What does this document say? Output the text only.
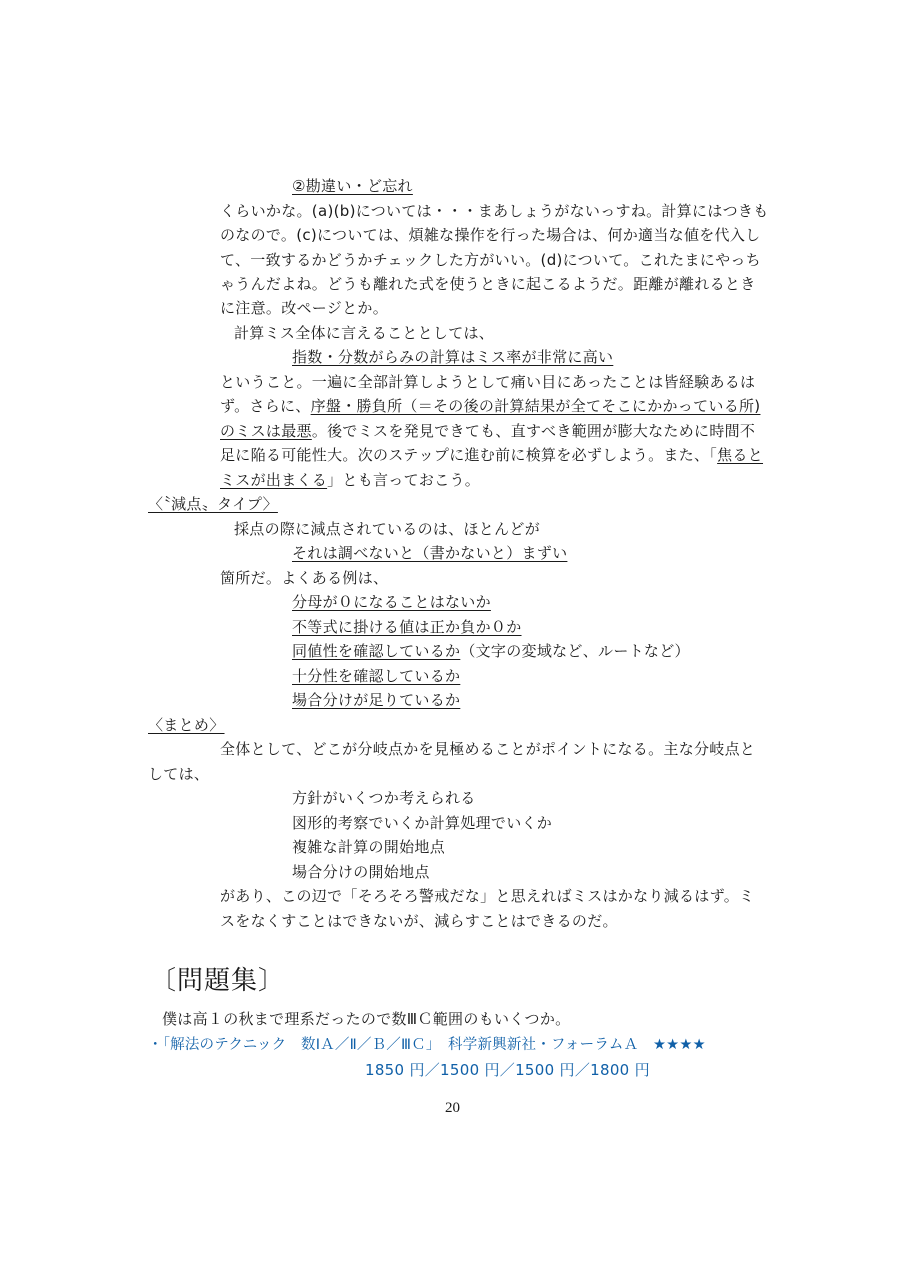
②勘違い・ど忘れ
くらいかな。(a)(b)については・・・まあしょうがないっすね。計算にはつきも
のなので。(c)については、煩雑な操作を行った場合は、何か適当な値を代入し
て、一致するかどうかチェックした方がいい。(d)について。これたまにやっち
ゃうんだよね。どうも離れた式を使うときに起こるようだ。距離が離れるとき
に注意。改ページとか。
計算ミス全体に言えることとしては、
指数・分数がらみの計算はミス率が非常に高い
ということ。一遍に全部計算しようとして痛い目にあったことは皆経験あるは
ず。さらに、序盤・勝負所（＝その後の計算結果が全てそこにかかっている所)
のミスは最悪。後でミスを発見できても、直すべき範囲が膨大なために時間不
足に陥る可能性大。次のステップに進む前に検算を必ずしよう。また、「焦ると
ミスが出まくる」とも言っておこう。
〈〝減点〟タイプ〉
採点の際に減点されているのは、ほとんどが
それは調べないと（書かないと）まずい
箇所だ。よくある例は、
分母が０になることはないか
不等式に掛ける値は正か負か０か
同値性を確認しているか（文字の変域など、ルートなど）
十分性を確認しているか
場合分けが足りているか
〈まとめ〉
全体として、どこが分岐点かを見極めることがポイントになる。主な分岐点と
しては、
方針がいくつか考えられる
図形的考察でいくか計算処理でいくか
複雑な計算の開始地点
場合分けの開始地点
があり、この辺で「そろそろ警戒だな」と思えればミスはかなり減るはず。ミ
スをなくすことはできないが、減らすことはできるのだ。
〔問題集〕
僕は高１の秋まで理系だったので数ⅢＣ範囲のもいくつか。
・「解法のテクニック　数ⅠＡ／Ⅱ／Ｂ／ⅢＣ」　科学新興新社・フォーラムＡ　★★★★
1850 円／1500 円／1500 円／1800 円
20
